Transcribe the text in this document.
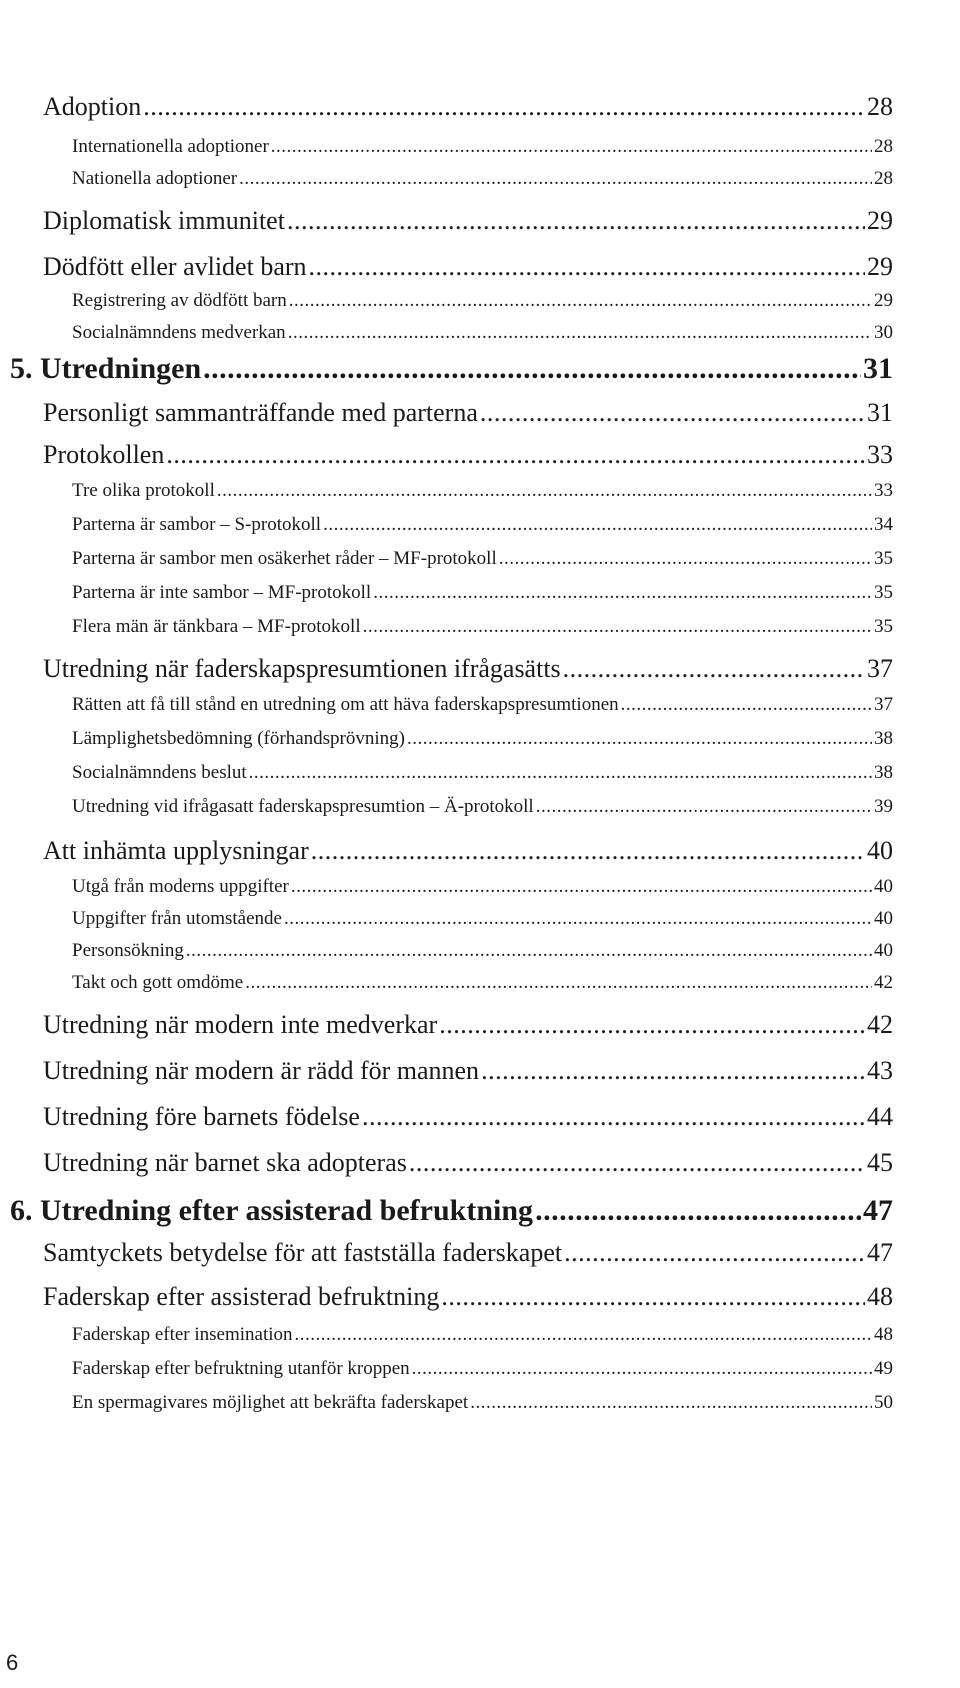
Adoption .....	28
Internationella adoptioner .....	28
Nationella adoptioner .....	28
Diplomatisk immunitet .....	29
Dödfött eller avlidet barn .....	29
Registrering av dödfött barn .....	29
Socialnämndens medverkan .....	30
5. Utredningen .....	31
Personligt sammanträffande med parterna .....	31
Protokollen .....	33
Tre olika protokoll .....	33
Parterna är sambor – S-protokoll .....	34
Parterna är sambor men osäkerhet råder – MF-protokoll .....	35
Parterna är inte sambor – MF-protokoll .....	35
Flera män är tänkbara – MF-protokoll .....	35
Utredning när faderskapspresumtionen ifrågasätts .....	37
Rätten att få till stånd en utredning om att häva faderskapspresumtionen .....	37
Lämplighetsbedömning (förhandsprövning) .....	38
Socialnämndens beslut .....	38
Utredning vid ifrågasatt faderskapspresumtion – Ä-protokoll .....	39
Att inhämta upplysningar .....	40
Utgå från moderns uppgifter .....	40
Uppgifter från utomstående .....	40
Personsökning .....	40
Takt och gott omdöme .....	42
Utredning när modern inte medverkar .....	42
Utredning när modern är rädd för mannen .....	43
Utredning före barnets födelse .....	44
Utredning när barnet ska adopteras .....	45
6. Utredning efter assisterad befruktning .....	47
Samtyckets betydelse för att fastställa faderskapet .....	47
Faderskap efter assisterad befruktning .....	48
Faderskap efter insemination .....	48
Faderskap efter befruktning utanför kroppen .....	49
En spermagivares möjlighet att bekräfta faderskapet .....	50
6
